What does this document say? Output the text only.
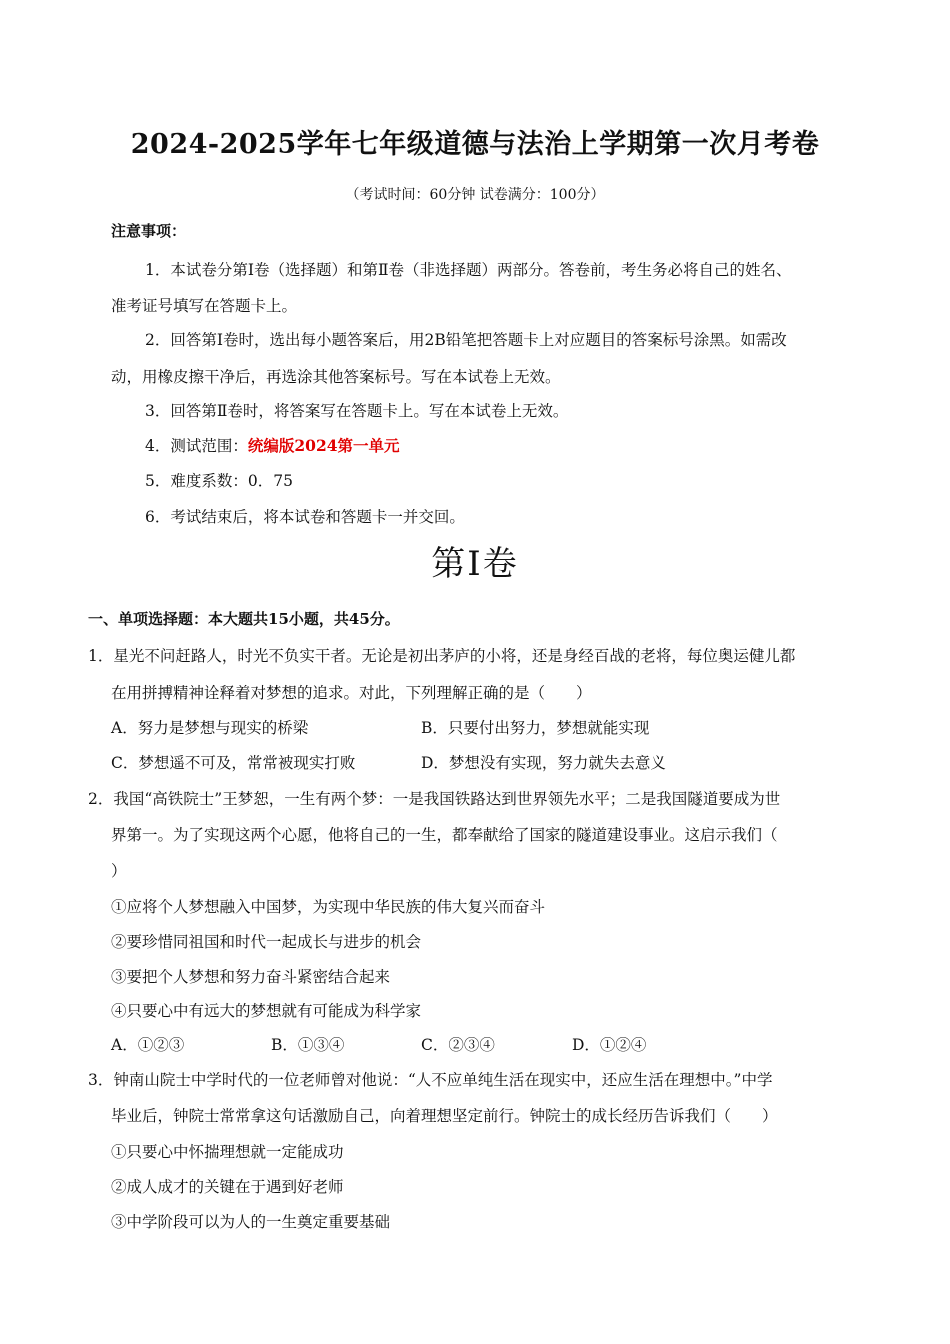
2024-2025学年七年级道德与法治上学期第一次月考卷
（考试时间：60分钟 试卷满分：100分）
注意事项：
1．本试卷分第Ⅰ卷（选择题）和第Ⅱ卷（非选择题）两部分。答卷前，考生务必将自己的姓名、
准考证号填写在答题卡上。
2．回答第Ⅰ卷时，选出每小题答案后，用2B铅笔把答题卡上对应题目的答案标号涂黑。如需改
动，用橡皮擦干净后，再选涂其他答案标号。写在本试卷上无效。
3．回答第Ⅱ卷时，将答案写在答题卡上。写在本试卷上无效。
4．测试范围：统编版2024第一单元
5．难度系数：0．75
6．考试结束后，将本试卷和答题卡一并交回。
第Ⅰ卷
一、单项选择题：本大题共15小题，共45分。
1．星光不问赶路人，时光不负实干者。无论是初出茅庐的小将，还是身经百战的老将，每位奥运健儿都
在用拼搏精神诠释着对梦想的追求。对此，下列理解正确的是（　　）
A．努力是梦想与现实的桥梁	B．只要付出努力，梦想就能实现
C．梦想遥不可及，常常被现实打败	D．梦想没有实现，努力就失去意义
2．我国“高铁院士”王梦恕，一生有两个梦：一是我国铁路达到世界领先水平；二是我国隧道要成为世
界第一。为了实现这两个心愿，他将自己的一生，都奉献给了国家的隧道建设事业。这启示我们（
）
①应将个人梦想融入中国梦，为实现中华民族的伟大复兴而奋斗
②要珍惜同祖国和时代一起成长与进步的机会
③要把个人梦想和努力奋斗紧密结合起来
④只要心中有远大的梦想就有可能成为科学家
A．①②③	B．①③④	C．②③④	D．①②④
3．钟南山院士中学时代的一位老师曾对他说：“人不应单纯生活在现实中，还应生活在理想中。”中学
毕业后，钟院士常常拿这句话激励自己，向着理想坚定前行。钟院士的成长经历告诉我们（　　）
①只要心中怀揣理想就一定能成功
②成人成才的关键在于遇到好老师
③中学阶段可以为人的一生奠定重要基础
